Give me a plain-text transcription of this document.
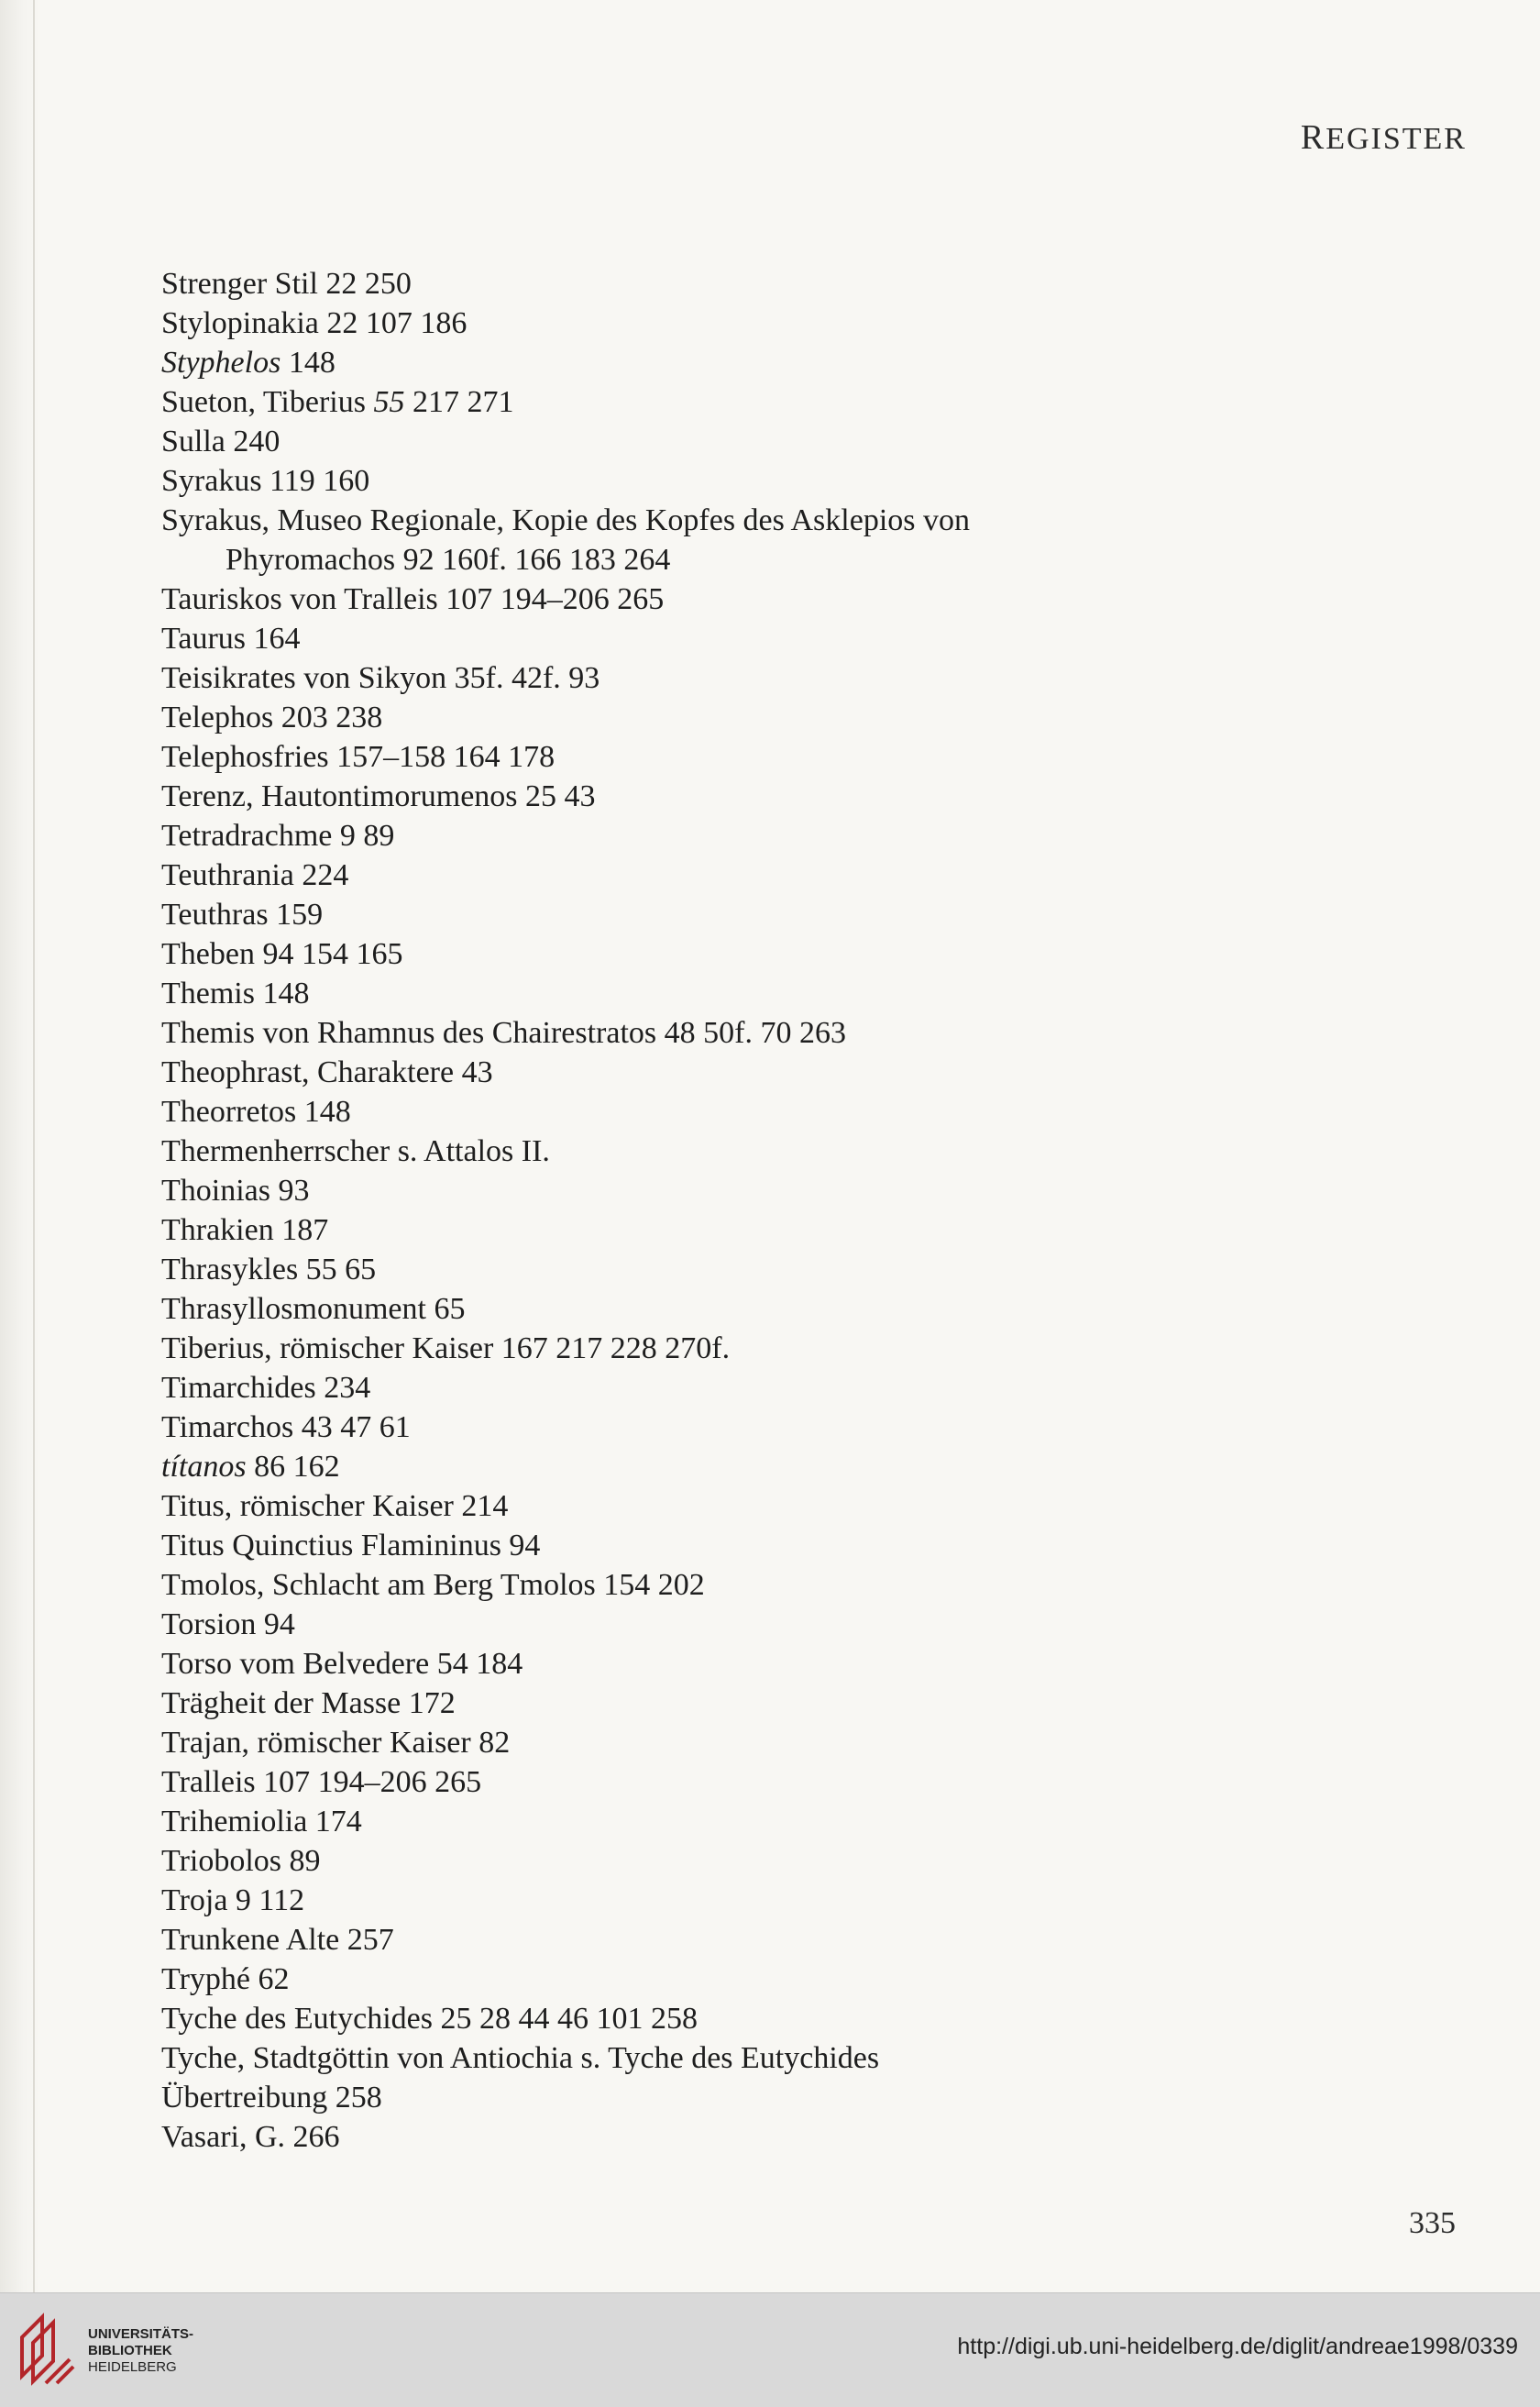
REGISTER
Strenger Stil 22 250
Stylopinakia 22 107 186
Styphelos 148
Sueton, Tiberius 55 217 271
Sulla 240
Syrakus 119 160
Syrakus, Museo Regionale, Kopie des Kopfes des Asklepios von
Phyromachos 92 160f. 166 183 264
Tauriskos von Tralleis 107 194–206 265
Taurus 164
Teisikrates von Sikyon 35f. 42f. 93
Telephos 203 238
Telephosfries 157–158 164 178
Terenz, Hautontimorumenos 25 43
Tetradrachme 9 89
Teuthrania 224
Teuthras 159
Theben 94 154 165
Themis 148
Themis von Rhamnus des Chairestratos 48 50f. 70 263
Theophrast, Charaktere 43
Theorretos 148
Thermenherrscher s. Attalos II.
Thoinias 93
Thrakien 187
Thrasykles 55 65
Thrasyllosmonument 65
Tiberius, römischer Kaiser 167 217 228 270f.
Timarchides 234
Timarchos 43 47 61
títanos 86 162
Titus, römischer Kaiser 214
Titus Quinctius Flamininus 94
Tmolos, Schlacht am Berg Tmolos 154 202
Torsion 94
Torso vom Belvedere 54 184
Trägheit der Masse 172
Trajan, römischer Kaiser 82
Tralleis 107 194–206 265
Trihemiolia 174
Triobolos 89
Troja 9 112
Trunkene Alte 257
Tryphé 62
Tyche des Eutychides 25 28 44 46 101 258
Tyche, Stadtgöttin von Antiochia s. Tyche des Eutychides
Übertreibung 258
Vasari, G. 266
335
UNIVERSITÄTS-
BIBLIOTHEK
HEIDELBERG
http://digi.ub.uni-heidelberg.de/diglit/andreae1998/0339
